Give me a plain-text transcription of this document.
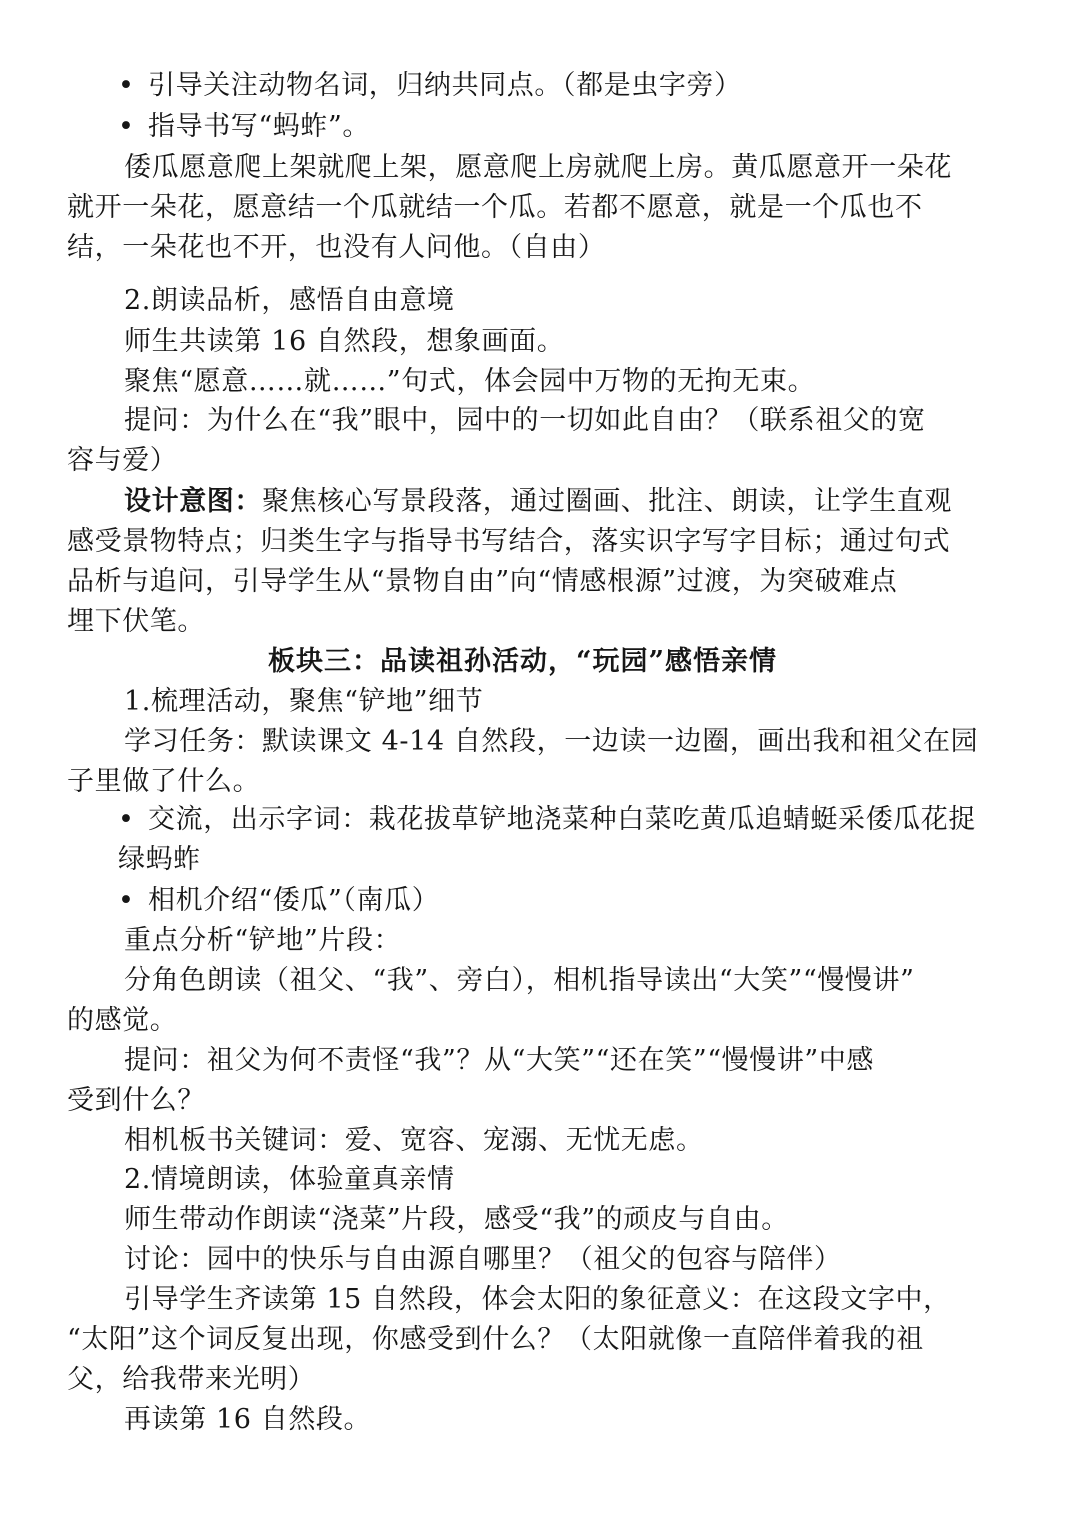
• 引导关注动物名词，归纳共同点。（都是虫字旁）
• 指导书写“蚂蚱”。
倭瓜愿意爬上架就爬上架，愿意爬上房就爬上房。黄瓜愿意开一朵花
就开一朵花，愿意结一个瓜就结一个瓜。若都不愿意，就是一个瓜也不
结，一朵花也不开，也没有人问他。（自由）
2.朗读品析，感悟自由意境
师生共读第 16 自然段，想象画面。
聚焦“愿意……就……”句式，体会园中万物的无拘无束。
提问：为什么在“我”眼中，园中的一切如此自由？（联系祖父的宽
容与爱）
设计意图：聚焦核心写景段落，通过圈画、批注、朗读，让学生直观
感受景物特点；归类生字与指导书写结合，落实识字写字目标；通过句式
品析与追问，引导学生从“景物自由”向“情感根源”过渡，为突破难点
埋下伏笔。
板块三：品读祖孙活动，“玩园”感悟亲情
1.梳理活动，聚焦“铲地”细节
学习任务：默读课文 4-14 自然段，一边读一边圈，画出我和祖父在园
子里做了什么。
• 交流，出示字词：栽花拔草铲地浇菜种白菜吃黄瓜追蜻蜓采倭瓜花捉
绿蚂蚱
• 相机介绍“倭瓜”（南瓜）
重点分析“铲地”片段：
分角色朗读（祖父、“我”、旁白），相机指导读出“大笑”“慢慢讲”
的感觉。
提问：祖父为何不责怪“我”？从“大笑”“还在笑”“慢慢讲”中感
受到什么？
相机板书关键词：爱、宽容、宠溺、无忧无虑。
2.情境朗读，体验童真亲情
师生带动作朗读“浇菜”片段，感受“我”的顽皮与自由。
讨论：园中的快乐与自由源自哪里？（祖父的包容与陪伴）
引导学生齐读第 15 自然段，体会太阳的象征意义：在这段文字中，
“太阳”这个词反复出现，你感受到什么？（太阳就像一直陪伴着我的祖
父，给我带来光明）
再读第 16 自然段。
